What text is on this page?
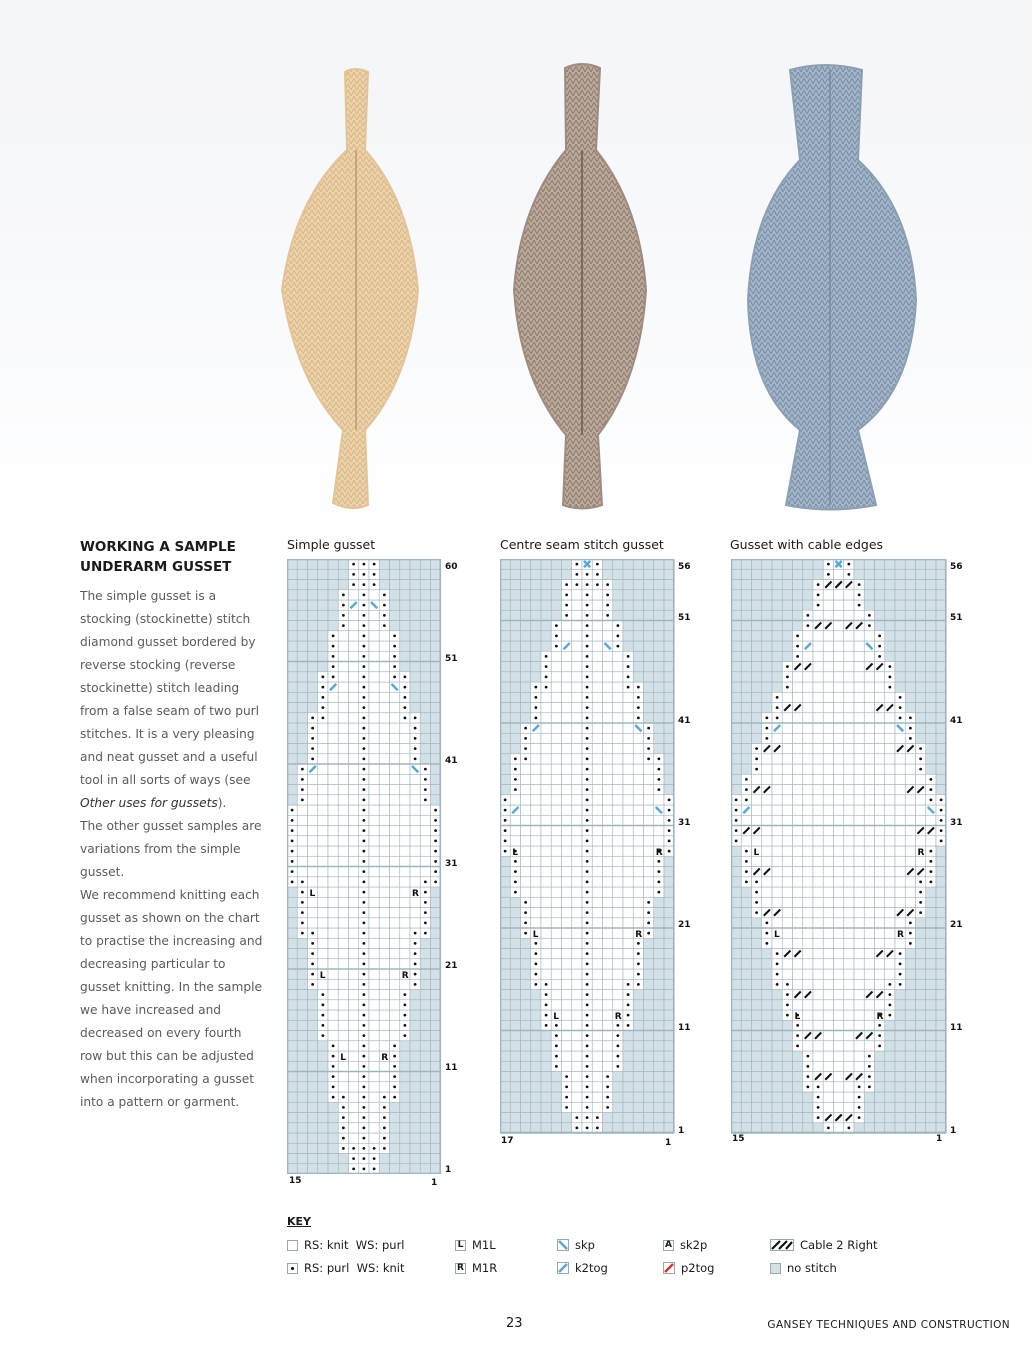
WORKING A SAMPLE UNDERARM GUSSET

The simple gusset is a stocking (stockinette) stitch diamond gusset bordered by reverse stocking (reverse stockinette) stitch leading from a false seam of two purl stitches. It is a very pleasing and neat gusset and a useful tool in all sorts of ways (see Other uses for gussets).

The other gusset samples are variations from the simple gusset.

We recommend knitting each gusset as shown on the chart to practise the increasing and decreasing particular to gusset knitting. In the sample we have increased and decreased on every fourth row but this can be adjusted when incorporating a gusset into a pattern or garment.

Simple gusset
L	R
L	R
L	R
60
51
41
31
21
11
1
15	1
Centre seam stitch gusset
L	R
L	R
L	R
56
51
41
31
21
11
1
17	1
Gusset with cable edges
L	R
L	R
L	R
56
51
41
31
21
11
1
15	1
KEY
RS: knit  WS: purl
RS: purl  WS: knit
L M1L
R M1R
skp
k2tog
A sk2p
p2tog
Cable 2 Right
no stitch
23	GANSEY TECHNIQUES AND CONSTRUCTION
